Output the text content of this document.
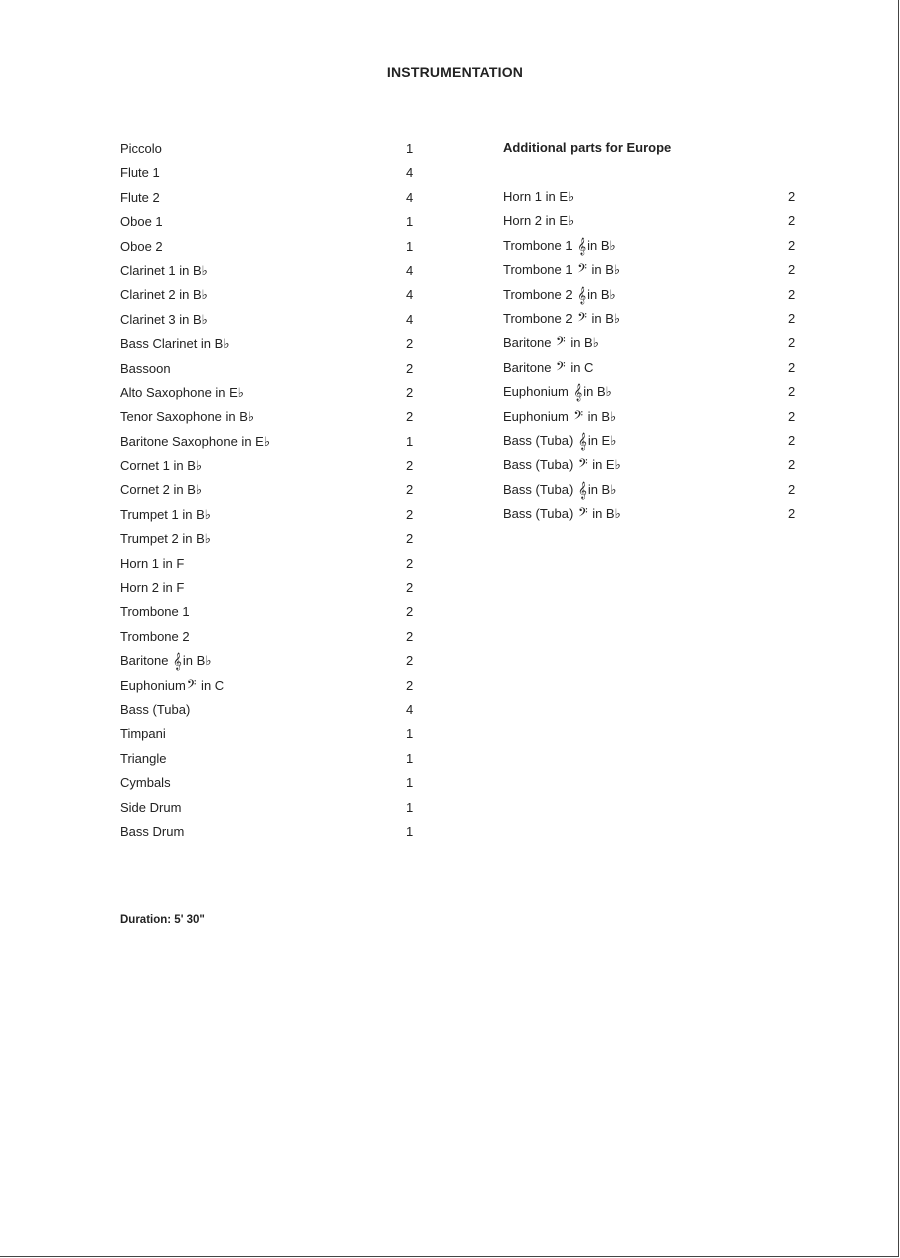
INSTRUMENTATION
Piccolo	1
Flute 1	4
Flute 2	4
Oboe 1	1
Oboe 2	1
Clarinet 1 in B♭	4
Clarinet 2 in B♭	4
Clarinet 3 in B♭	4
Bass Clarinet in B♭	2
Bassoon	2
Alto Saxophone in E♭	2
Tenor Saxophone in B♭	2
Baritone Saxophone in E♭	1
Cornet 1 in B♭	2
Cornet 2 in B♭	2
Trumpet 1 in B♭	2
Trumpet 2 in B♭	2
Horn 1 in F	2
Horn 2 in F	2
Trombone 1	2
Trombone 2	2
Baritone 𝄞in B♭	2
Euphonium𝄢 in C	2
Bass (Tuba)	4
Timpani	1
Triangle	1
Cymbals	1
Side Drum	1
Bass Drum	1
Additional parts for Europe
Horn 1 in E♭	2
Horn 2 in E♭	2
Trombone 1 𝄞in B♭	2
Trombone 1 𝄢 in B♭	2
Trombone 2 𝄞in B♭	2
Trombone 2 𝄢 in B♭	2
Baritone 𝄢 in B♭	2
Baritone 𝄢 in C	2
Euphonium 𝄞in B♭	2
Euphonium 𝄢 in B♭	2
Bass (Tuba) 𝄞in E♭	2
Bass (Tuba) 𝄢 in E♭	2
Bass (Tuba) 𝄞in B♭	2
Bass (Tuba) 𝄢 in B♭	2
Duration: 5' 30"
